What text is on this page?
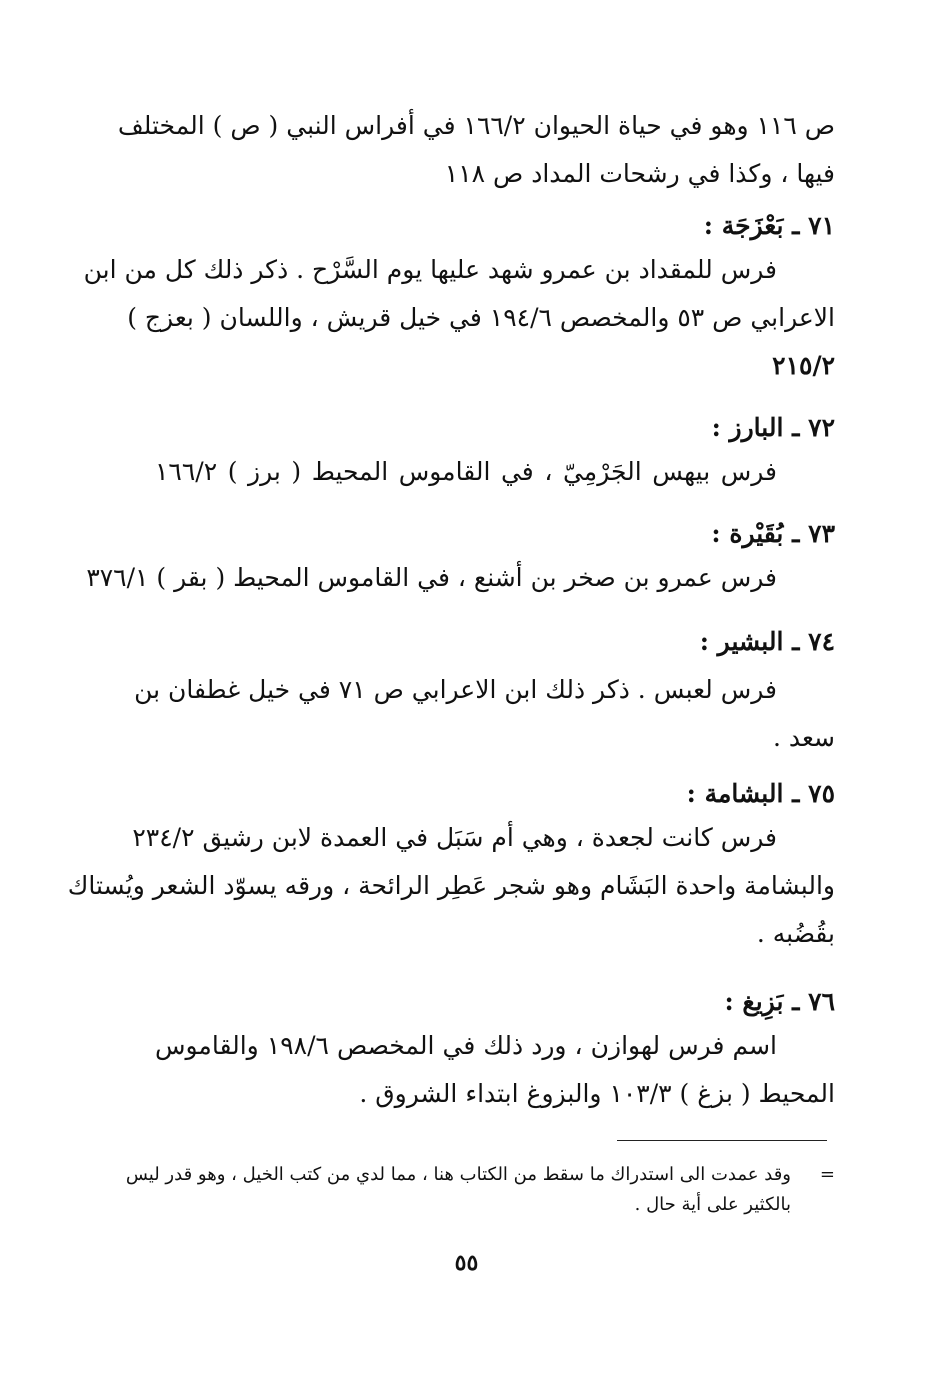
ص ١١٦ وهو في حياة الحيوان ١٦٦/٢ في أفراس النبي ( ص ) المختلف
فيها ، وكذا في رشحات المداد ص ١١٨
٧١ ـ بَعْزَجَة :
فرس للمقداد بن عمرو شهد عليها يوم السَّرْح . ذكر ذلك كل من ابن
الاعرابي ص ٥٣ والمخصص ١٩٤/٦ في خيل قريش ، واللسان ( بعزج )
٢١٥/٢
٧٢ ـ البارز :
فرس بيهس الجَرْمِيّ ، في القاموس المحيط ( برز ) ١٦٦/٢
٧٣ ـ بُقَيْرة :
فرس عمرو بن صخر بن أشنع ، في القاموس المحيط ( بقر ) ٣٧٦/١
٧٤ ـ البشير :
فرس لعبس . ذكر ذلك ابن الاعرابي ص ٧١ في خيل غطفان بن
سعد .
٧٥ ـ البشامة :
فرس كانت لجعدة ، وهي أم سَبَل في العمدة لابن رشيق ٢٣٤/٢
والبشامة واحدة البَشَام وهو شجر عَطِر الرائحة ، ورقه يسوّد الشعر ويُستاك
بقُضُبه .
٧٦ ـ بَزِيغ :
اسم فرس لهوازن ، ورد ذلك في المخصص ١٩٨/٦ والقاموس
المحيط ( بزغ ) ١٠٣/٣ والبزوغ ابتداء الشروق .
=
وقد عمدت الى استدراك ما سقط من الكتاب هنا ، مما لدي من كتب الخيل ، وهو قدر ليس
بالكثير على أية حال .
٥٥
